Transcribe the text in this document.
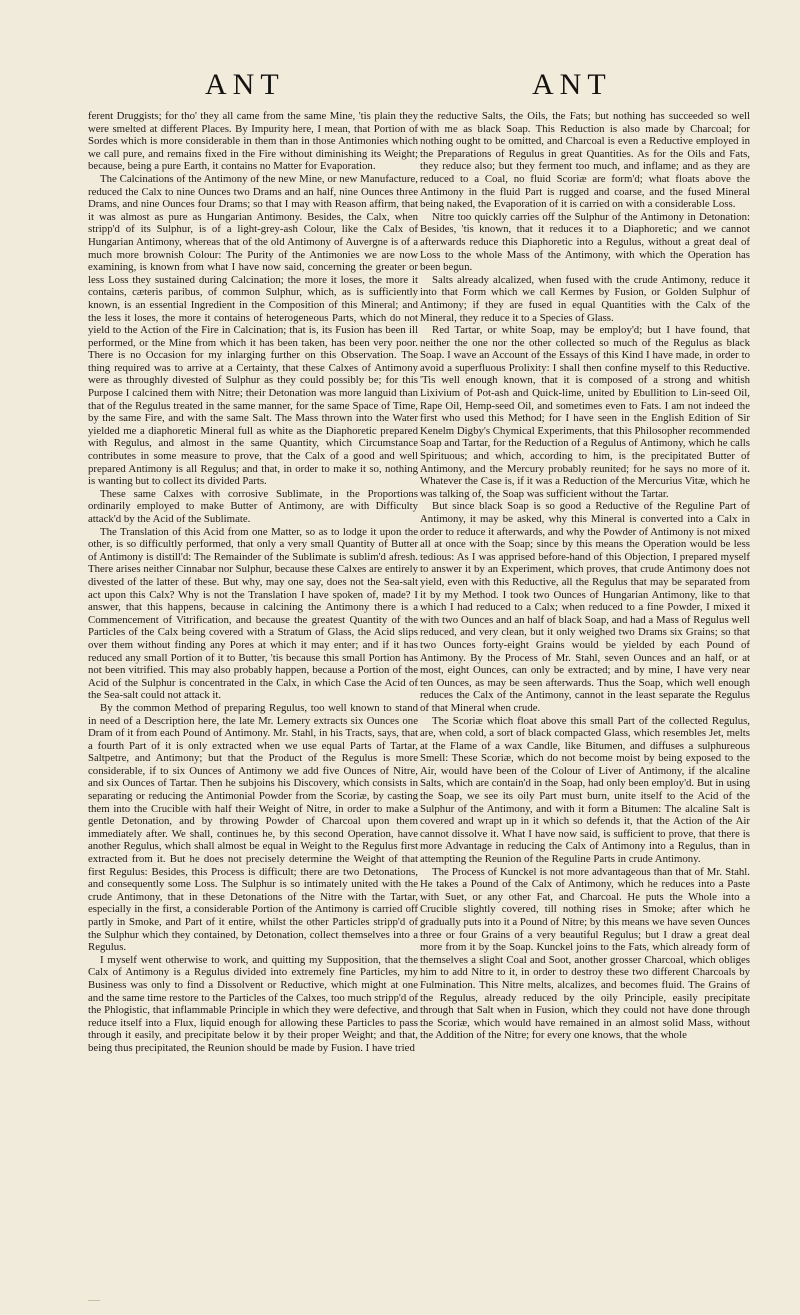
ANT	ANT

ferent Druggists; for tho' they all came from the same Mine, 'tis plain they were smelted at different Places. By Impurity here, I mean, that Portion of Sordes which is more considerable in them than in those Antimonies which we call pure, and remains fixed in the Fire without diminishing its Weight; because, being a pure Earth, it contains no Matter for Evaporation.

The Calcinations of the Antimony of the new Mine, or new Manufacture, reduced the Calx to nine Ounces two Drams and an half, nine Ounces three Drams, and nine Ounces four Drams; so that I may with Reason affirm, that it was almost as pure as Hungarian Antimony. Besides, the Calx, when stripp'd of its Sulphur, is of a light-grey-ash Colour, like the Calx of Hungarian Antimony, whereas that of the old Antimony of Auvergne is of a much more brownish Colour: The Purity of the Antimonies we are now examining, is known from what I have now said, concerning the greater or less Loss they sustained during Calcination; the more it loses, the more it contains, cæteris paribus, of common Sulphur, which, as is sufficiently known, is an essential Ingredient in the Composition of this Mineral; and the less it loses, the more it contains of heterogeneous Parts, which do not yield to the Action of the Fire in Calcination; that is, its Fusion has been ill performed, or the Mine from which it has been taken, has been very poor. There is no Occasion for my inlarging further on this Observation. The thing required was to arrive at a Certainty, that these Calxes of Antimony were as throughly divested of Sulphur as they could possibly be; for this Purpose I calcined them with Nitre; their Detonation was more languid than that of the Regulus treated in the same manner, for the same Space of Time, by the same Fire, and with the same Salt. The Mass thrown into the Water yielded me a diaphoretic Mineral full as white as the Diaphoretic prepared with Regulus, and almost in the same Quantity, which Circumstance contributes in some measure to prove, that the Calx of a good and well prepared Antimony is all Regulus; and that, in order to make it so, nothing is wanting but to collect its divided Parts.

These same Calxes with corrosive Sublimate, in the Proportions ordinarily employed to make Butter of Antimony, are with Difficulty attack'd by the Acid of the Sublimate.

The Translation of this Acid from one Matter, so as to lodge it upon the other, is so difficultly performed, that only a very small Quantity of Butter of Antimony is distill'd: The Remainder of the Sublimate is sublim'd afresh. There arises neither Cinnabar nor Sulphur, because these Calxes are entirely divested of the latter of these. But why, may one say, does not the Sea-salt act upon this Calx? Why is not the Translation I have spoken of, made? I answer, that this happens, because in calcining the Antimony there is a Commencement of Vitrification, and because the greatest Quantity of the Particles of the Calx being covered with a Stratum of Glass, the Acid slips over them without finding any Pores at which it may enter; and if it has reduced any small Portion of it to Butter, 'tis because this small Portion has not been vitrified. This may also probably happen, because a Portion of the Acid of the Sulphur is concentrated in the Calx, in which Case the Acid of the Sea-salt could not attack it.

By the common Method of preparing Regulus, too well known to stand in need of a Description here, the late Mr. Lemery extracts six Ounces one Dram of it from each Pound of Antimony. Mr. Stahl, in his Tracts, says, that a fourth Part of it is only extracted when we use equal Parts of Tartar, Saltpetre, and Antimony; but that the Product of the Regulus is more considerable, if to six Ounces of Antimony we add five Ounces of Nitre, and six Ounces of Tartar. Then he subjoins his Discovery, which consists in separating or reducing the Antimonial Powder from the Scoriæ, by casting them into the Crucible with half their Weight of Nitre, in order to make a gentle Detonation, and by throwing Powder of Charcoal upon them immediately after. We shall, continues he, by this second Operation, have another Regulus, which shall almost be equal in Weight to the Regulus first extracted from it. But he does not precisely determine the Weight of that first Regulus: Besides, this Process is difficult; there are two Detonations, and consequently some Loss. The Sulphur is so intimately united with the crude Antimony, that in these Detonations of the Nitre with the Tartar, especially in the first, a considerable Portion of the Antimony is carried off partly in Smoke, and Part of it entire, whilst the other Particles stripp'd of the Sulphur which they contained, by Detonation, collect themselves into a Regulus.

I myself went otherwise to work, and quitting my Supposition, that the Calx of Antimony is a Regulus divided into extremely fine Particles, my Business was only to find a Dissolvent or Reductive, which might at one and the same time restore to the Particles of the Calxes, too much stripp'd of the Phlogistic, that inflammable Principle in which they were defective, and reduce itself into a Flux, liquid enough for allowing these Particles to pass through it easily, and precipitate below it by their proper Weight; and that, being thus precipitated, the Reunion should be made by Fusion. I have tried

the reductive Salts, the Oils, the Fats; but nothing has succeeded so well with me as black Soap. This Reduction is also made by Charcoal; for nothing ought to be omitted, and Charcoal is even a Reductive employed in the Preparations of Regulus in great Quantities. As for the Oils and Fats, they reduce also; but they ferment too much, and inflame; and as they are reduced to a Coal, no fluid Scoriæ are form'd; what floats above the Antimony in the fluid Part is rugged and coarse, and the fused Mineral being naked, the Evaporation of it is carried on with a considerable Loss.

Nitre too quickly carries off the Sulphur of the Antimony in Detonation: Besides, 'tis known, that it reduces it to a Diaphoretic; and we cannot afterwards reduce this Diaphoretic into a Regulus, without a great deal of Loss to the whole Mass of the Antimony, with which the Operation has been begun.

Salts already alcalized, when fused with the crude Antimony, reduce it into that Form which we call Kermes by Fusion, or Golden Sulphur of Antimony; if they are fused in equal Quantities with the Calx of the Mineral, they reduce it to a Species of Glass.

Red Tartar, or white Soap, may be employ'd; but I have found, that neither the one nor the other collected so much of the Regulus as black Soap. I wave an Account of the Essays of this Kind I have made, in order to avoid a superfluous Prolixity: I shall then confine myself to this Reductive. 'Tis well enough known, that it is composed of a strong and whitish Lixivium of Pot-ash and Quick-lime, united by Ebullition to Lin-seed Oil, Rape Oil, Hemp-seed Oil, and sometimes even to Fats. I am not indeed the first who used this Method; for I have seen in the English Edition of Sir Kenelm Digby's Chymical Experiments, that this Philosopher recommended Soap and Tartar, for the Reduction of a Regulus of Antimony, which he calls Spirituous; and which, according to him, is the precipitated Butter of Antimony, and the Mercury probably reunited; for he says no more of it. Whatever the Case is, if it was a Reduction of the Mercurius Vitæ, which he was talking of, the Soap was sufficient without the Tartar.

But since black Soap is so good a Reductive of the Reguline Part of Antimony, it may be asked, why this Mineral is converted into a Calx in order to reduce it afterwards, and why the Powder of Antimony is not mixed all at once with the Soap; since by this means the Operation would be less tedious: As I was apprised before-hand of this Objection, I prepared myself to answer it by an Experiment, which proves, that crude Antimony does not yield, even with this Reductive, all the Regulus that may be separated from it by my Method. I took two Ounces of Hungarian Antimony, like to that which I had reduced to a Calx; when reduced to a fine Powder, I mixed it with two Ounces and an half of black Soap, and had a Mass of Regulus well reduced, and very clean, but it only weighed two Drams six Grains; so that two Ounces forty-eight Grains would be yielded by each Pound of Antimony. By the Process of Mr. Stahl, seven Ounces and an half, or at most, eight Ounces, can only be extracted; and by mine, I have very near ten Ounces, as may be seen afterwards. Thus the Soap, which well enough reduces the Calx of the Antimony, cannot in the least separate the Regulus of that Mineral when crude.

The Scoriæ which float above this small Part of the collected Regulus, are, when cold, a sort of black compacted Glass, which resembles Jet, melts at the Flame of a wax Candle, like Bitumen, and diffuses a sulphureous Smell: These Scoriæ, which do not become moist by being exposed to the Air, would have been of the Colour of Liver of Antimony, if the alcaline Salts, which are contain'd in the Soap, had only been employ'd. But in using the Soap, we see its oily Part must burn, unite itself to the Acid of the Sulphur of the Antimony, and with it form a Bitumen: The alcaline Salt is covered and wrapt up in it which so defends it, that the Action of the Air cannot dissolve it. What I have now said, is sufficient to prove, that there is more Advantage in reducing the Calx of Antimony into a Regulus, than in attempting the Reunion of the Reguline Parts in crude Antimony.

The Process of Kunckel is not more advantageous than that of Mr. Stahl. He takes a Pound of the Calx of Antimony, which he reduces into a Paste with Suet, or any other Fat, and Charcoal. He puts the Whole into a Crucible slightly covered, till nothing rises in Smoke; after which he gradually puts into it a Pound of Nitre; by this means we have seven Ounces three or four Grains of a very beautiful Regulus; but I draw a great deal more from it by the Soap. Kunckel joins to the Fats, which already form of themselves a slight Coal and Soot, another grosser Charcoal, which obliges him to add Nitre to it, in order to destroy these two different Charcoals by Fulmination. This Nitre melts, alcalizes, and becomes fluid. The Grains of the Regulus, already reduced by the oily Principle, easily precipitate through that Salt when in Fusion, which they could not have done through the Scoriæ, which would have remained in an almost solid Mass, without the Addition of the Nitre; for every one knows, that the whole
